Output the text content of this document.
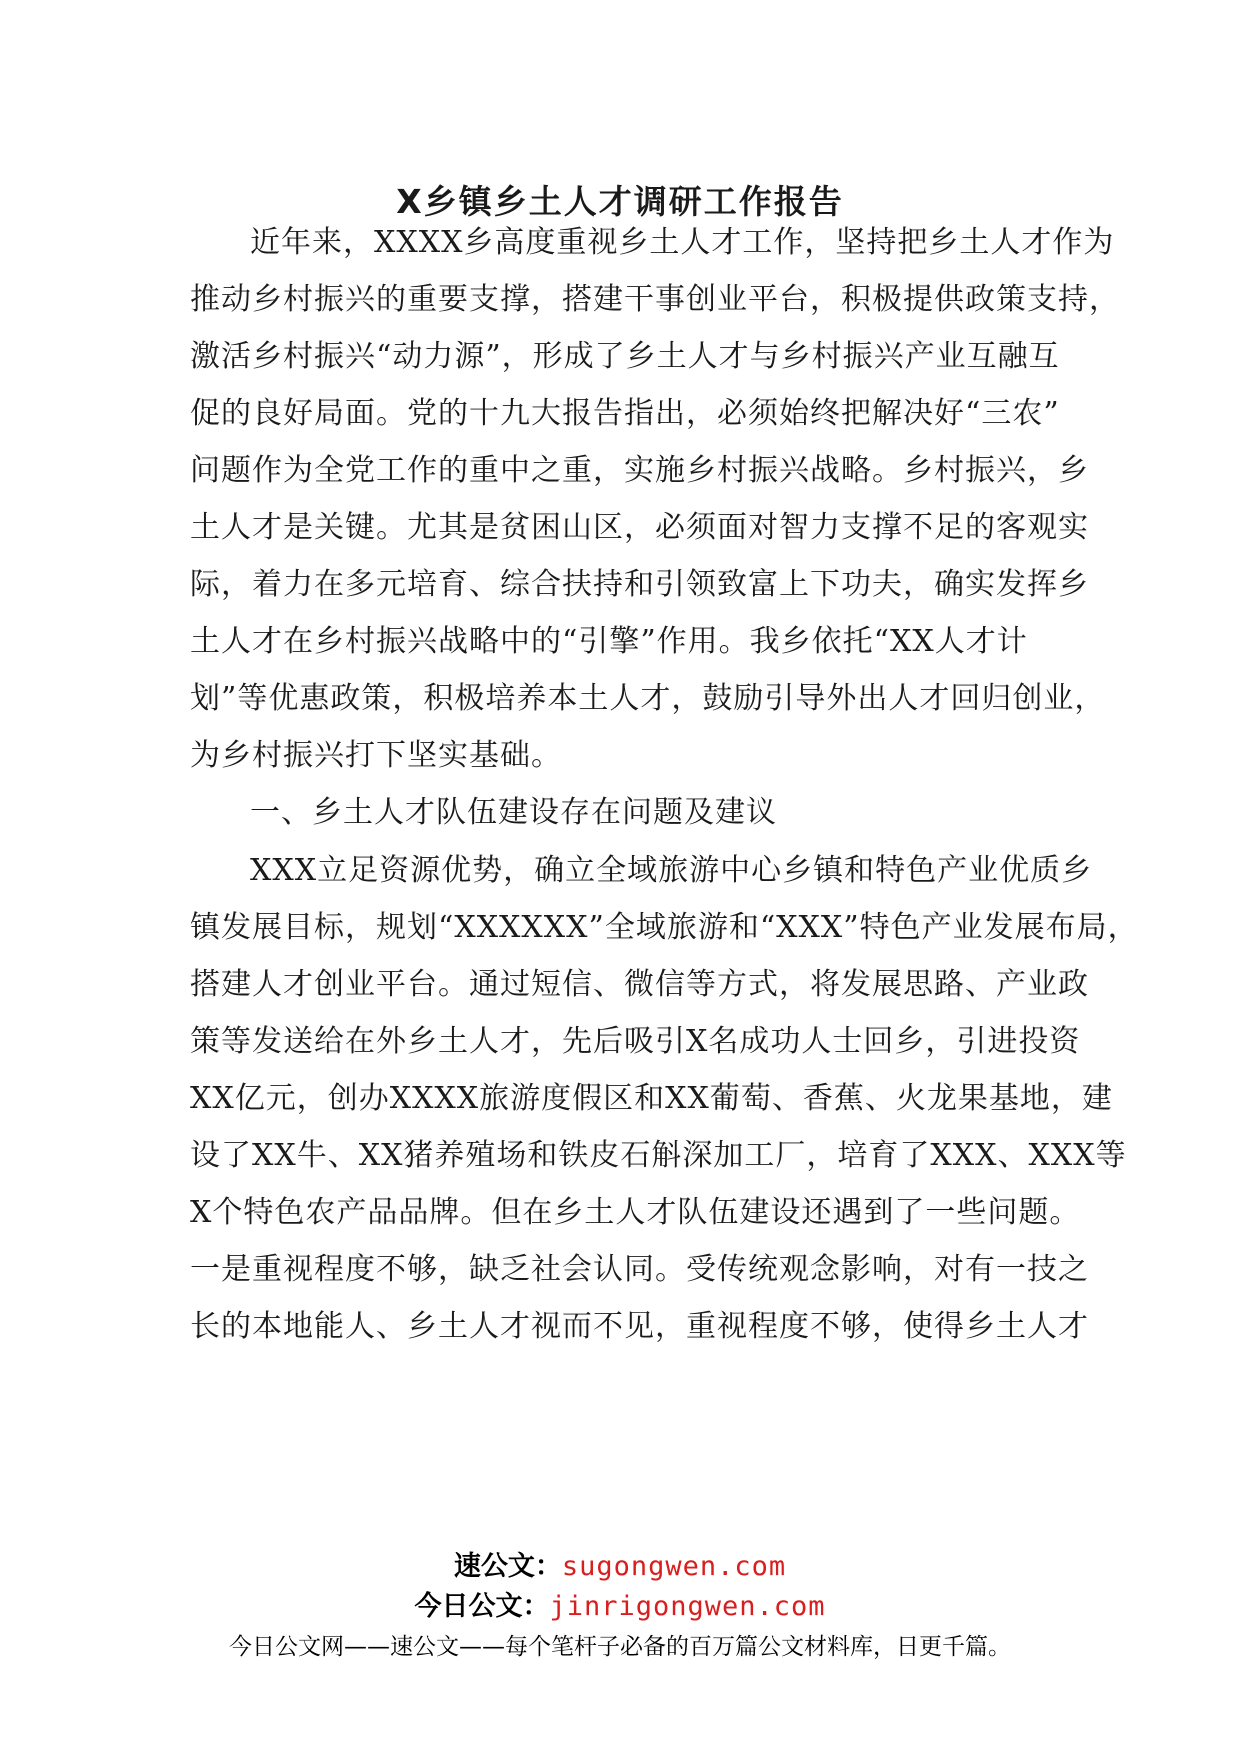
X乡镇乡土人才调研工作报告
近年来，XXXX乡高度重视乡土人才工作，坚持把乡土人才作为
推动乡村振兴的重要支撑，搭建干事创业平台，积极提供政策支持，
激活乡村振兴“动力源”，形成了乡土人才与乡村振兴产业互融互
促的良好局面。党的十九大报告指出，必须始终把解决好“三农”
问题作为全党工作的重中之重，实施乡村振兴战略。乡村振兴，乡
土人才是关键。尤其是贫困山区，必须面对智力支撑不足的客观实
际，着力在多元培育、综合扶持和引领致富上下功夫，确实发挥乡
土人才在乡村振兴战略中的“引擎”作用。我乡依托“XX人才计
划”等优惠政策，积极培养本土人才，鼓励引导外出人才回归创业，
为乡村振兴打下坚实基础。
一、乡土人才队伍建设存在问题及建议
XXX立足资源优势，确立全域旅游中心乡镇和特色产业优质乡
镇发展目标，规划“XXXXXX”全域旅游和“XXX”特色产业发展布局，
搭建人才创业平台。通过短信、微信等方式，将发展思路、产业政
策等发送给在外乡土人才，先后吸引X名成功人士回乡，引进投资
XX亿元，创办XXXX旅游度假区和XX葡萄、香蕉、火龙果基地，建
设了XX牛、XX猪养殖场和铁皮石斛深加工厂，培育了XXX、XXX等
X个特色农产品品牌。但在乡土人才队伍建设还遇到了一些问题。
一是重视程度不够，缺乏社会认同。受传统观念影响，对有一技之
长的本地能人、乡土人才视而不见，重视程度不够，使得乡土人才
速公文：sugongwen.com
今日公文：jinrigongwen.com
今日公文网——速公文——每个笔杆子必备的百万篇公文材料库，日更千篇。
